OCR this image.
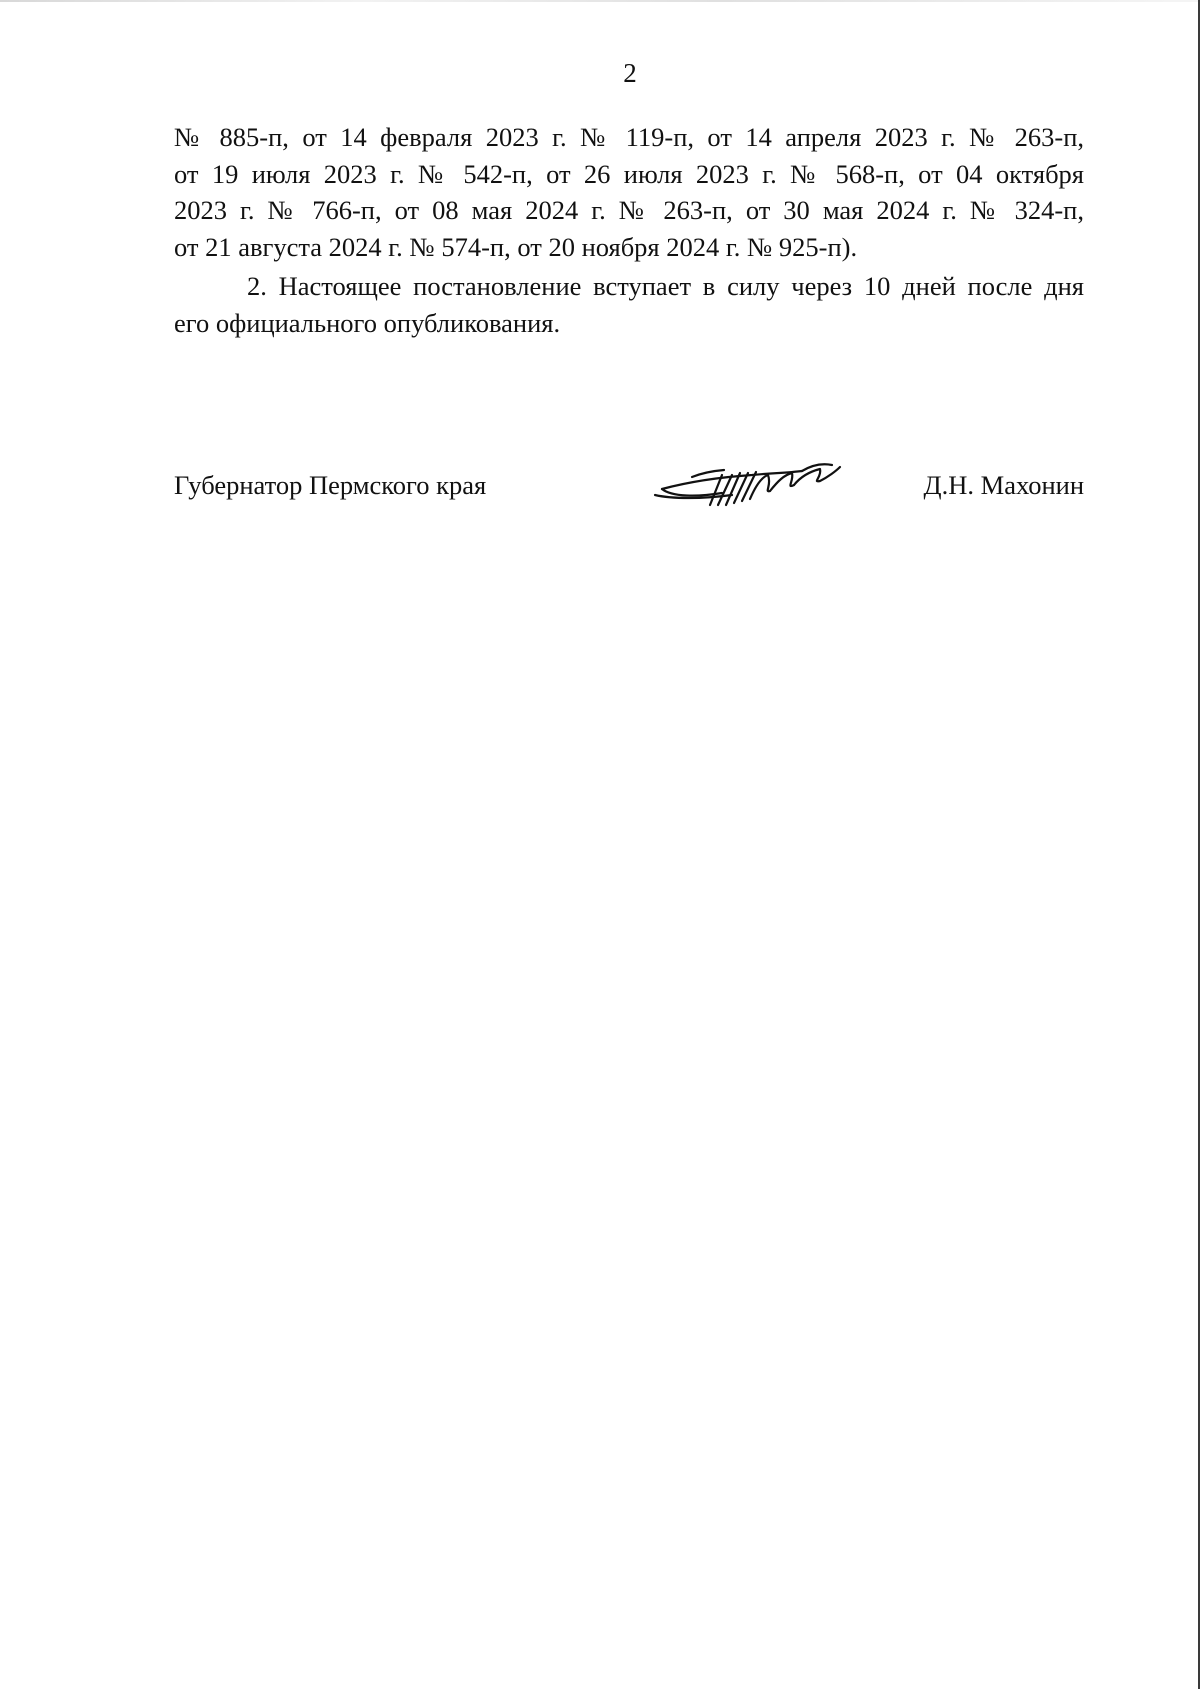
2
№ 885-п, от 14 февраля 2023 г. № 119-п, от 14 апреля 2023 г. № 263-п,
от 19 июля 2023 г. № 542-п, от 26 июля 2023 г. № 568-п, от 04 октября
2023 г. № 766-п, от 08 мая 2024 г. № 263-п, от 30 мая 2024 г. № 324-п,
от 21 августа 2024 г. № 574-п, от 20 ноября 2024 г. № 925-п).
2. Настоящее постановление вступает в силу через 10 дней после дня
его официального опубликования.
Губернатор Пермского края	Д.Н. Махонин
